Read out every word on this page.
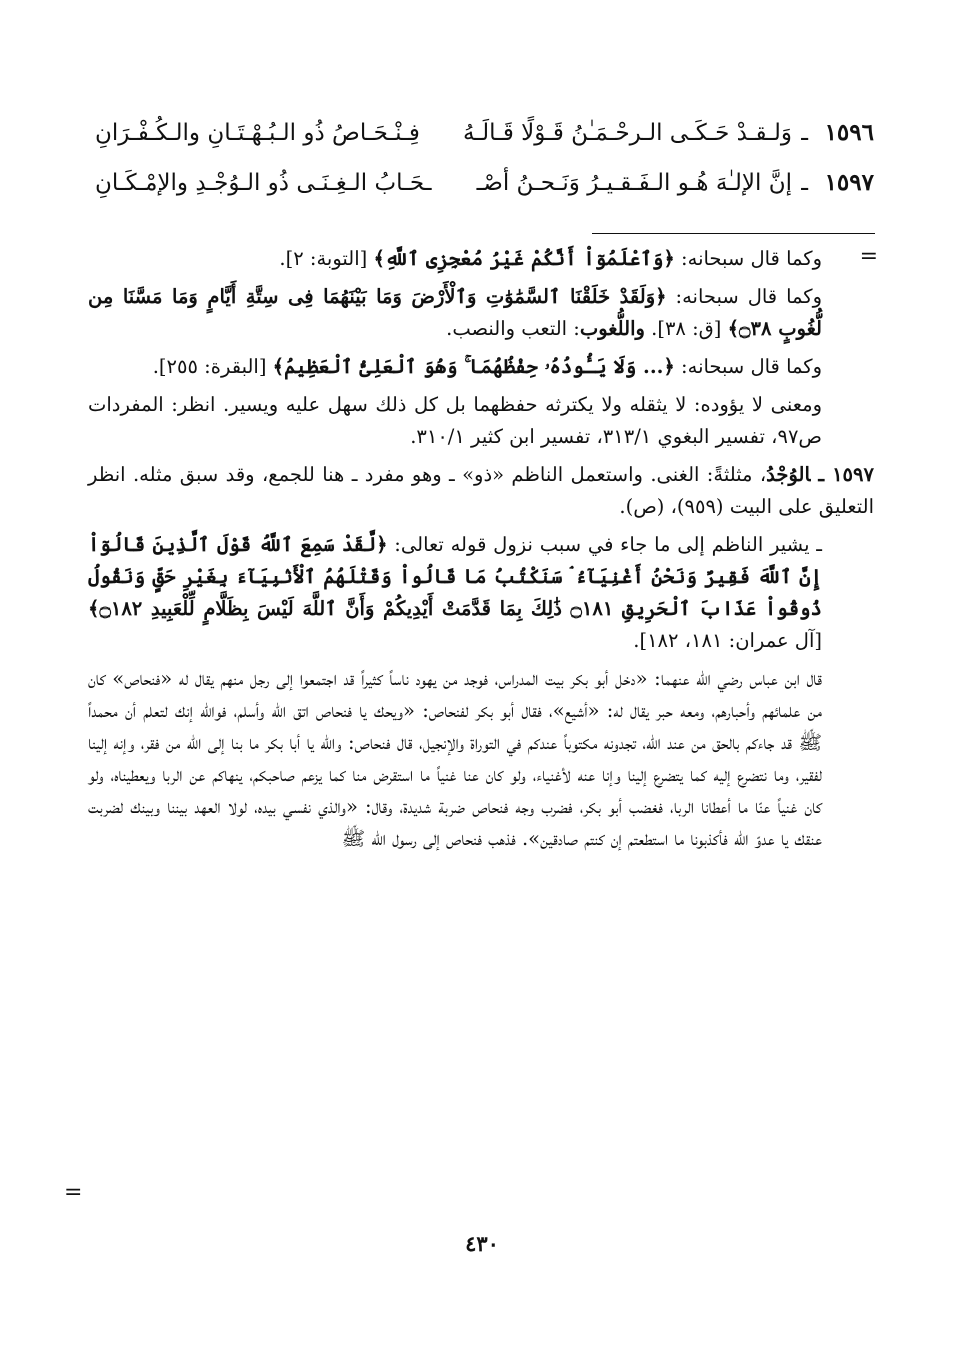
١٥٩٦
ـ
وَلـقـدْ حَـكَـى الـرحْـمَـٰنُ قَـوْلًا قَـالَـهُ
فِـنْـحَـاصُ ذُو الـبُـهْـتَـانِ والـكُـفْـرَانِ
١٥٩٧
ـ
إنَّ الإلـٰهَ هُـو الـفَـقـيـرُ وَنَـحـنُ أصْـ
ـحَـابُ الـغِـنَـى ذُو الـوُجْـدِ والإمْـكَـانِ
=

وكما قال سبحانه: ﴿وَٱعْلَمُوٓاْ أَنَّكُمْ غَيْرُ مُعْجِزِى ٱللَّهِ﴾ [التوبة: ٢].

وكما قال سبحانه: ﴿وَلَقَدْ خَلَقْنَا ٱلسَّمَٰوَٰتِ وَٱلْأَرْضَ وَمَا بَيْنَهُمَا فِى سِتَّةِ أَيَّامٍ وَمَا مَسَّنَا مِن لُّغُوبٍ ۝٣٨﴾ [ق: ٣٨]. واللُّغوب: التعب والنصب.

وكما قال سبحانه: ﴿... وَلَا يَـُٔودُهُۥ حِفْظُهُمَا ۚ وَهُوَ ٱلْعَلِىُّ ٱلْعَظِيمُ﴾ [البقرة: ٢٥٥].

ومعنى لا يؤوده: لا يثقله ولا يكترثه حفظهما بل كل ذلك سهل عليه ويسير. انظر: المفردات ص٩٧، تفسير البغوي ٣١٣/١، تفسير ابن كثير ٣١٠/١.

١٥٩٧ ـالوُجْدُ، مثلثةً: الغنى. واستعمل الناظم «ذو» ـ وهو مفرد ـ هنا للجمع، وقد سبق مثله. انظر التعليق على البيت (٩٥٩)، (ص).

ـ يشير الناظم إلى ما جاء في سبب نزول قوله تعالى: ﴿لَّقَدْ سَمِعَ ٱللَّهُ قَوْلَ ٱلَّذِينَ قَالُوٓاْ إِنَّ ٱللَّهَ فَقِيرٌ وَنَحْنُ أَغْنِيَآءُ ۘ سَنَكْتُبُ مَا قَالُواْ وَقَتْلَهُمُ ٱلْأَنۢبِيَآءَ بِغَيْرِ حَقٍّ وَنَقُولُ ذُوقُواْ عَذَابَ ٱلْحَرِيقِ ۝١٨١ ذَٰلِكَ بِمَا قَدَّمَتْ أَيْدِيكُمْ وَأَنَّ ٱللَّهَ لَيْسَ بِظَلَّامٍ لِّلْعَبِيدِ ۝١٨٢﴾ [آل عمران: ١٨١، ١٨٢].

قال ابن عباس رضي الله عنهما: «دخل أبو بكر بيت المدراس، فوجد من يهود ناساً كثيراً قد اجتمعوا إلى رجل منهم يقال له «فنحاص» كان من علمائهم وأحبارهم، ومعه حبر يقال له: «أشيع»، فقال أبو بكر لفنحاص: «ويحك يا فنحاص اتق الله وأسلم، فوالله إنك لتعلم أن محمداً ﷺ قد جاءكم بالحق من عند الله، تجدونه مكتوباً عندكم في التوراة والإنجيل، قال فنحاص: والله يا أبا بكر ما بنا إلى الله من فقر، وإنه إلينا لفقير، وما نتضرع إليه كما يتضرع إلينا وإنا عنه لأغنياء، ولو كان عنا غنياً ما استقرض منا كما يزعم صاحبكم، ينهاكم عن الربا ويعطيناه، ولو كان غنياً عنّا ما أعطانا الربا، فغضب أبو بكر، فضرب وجه فنحاص ضربة شديدة، وقال: «والذي نفسي بيده، لولا العهد بيننا وبينك لضربت عنقك يا عدوّ الله فأكذبونا ما استطعتم إن كنتم صادقين». فذهب فنحاص إلى رسول الله ﷺ

=
٤٣٠
